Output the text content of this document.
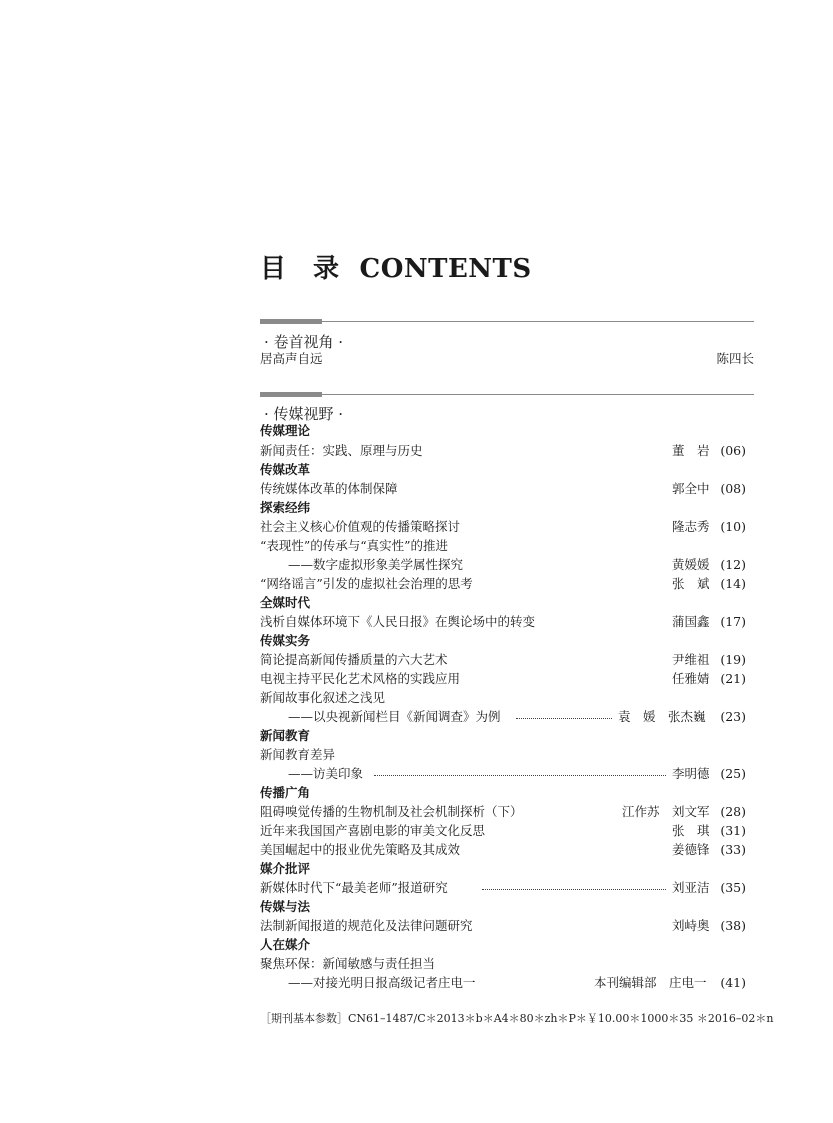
目　录 CONTENTS
· 卷首视角 ·
居高声自远	陈四长
· 传媒视野 ·
传媒理论
新闻责任：实践、原理与历史	董　岩 (06)
传媒改革
传统媒体改革的体制保障	郭全中 (08)
探索经纬
社会主义核心价值观的传播策略探讨	隆志秀 (10)
“表现性”的传承与“真实性”的推进
——数字虚拟形象美学属性探究	黄媛媛 (12)
“网络谣言”引发的虚拟社会治理的思考	张　斌 (14)
全媒时代
浅析自媒体环境下《人民日报》在舆论场中的转变	蒲国鑫 (17)
传媒实务
简论提高新闻传播质量的六大艺术	尹维祖 (19)
电视主持平民化艺术风格的实践应用	任雅婧 (21)
新闻故事化叙述之浅见
——以央视新闻栏目《新闻调查》为例	袁　媛　张杰巍 (23)
新闻教育
新闻教育差异
——访美印象	李明德 (25)
传播广角
阻碍嗅觉传播的生物机制及社会机制探析（下）	江作苏　刘文军 (28)
近年来我国国产喜剧电影的审美文化反思	张　琪 (31)
美国崛起中的报业优先策略及其成效	姜德锋 (33)
媒介批评
新媒体时代下“最美老师”报道研究	刘亚洁 (35)
传媒与法
法制新闻报道的规范化及法律问题研究	刘峙奥 (38)
人在媒介
聚焦环保：新闻敏感与责任担当
——对接光明日报高级记者庄电一	本刊编辑部　庄电一 (41)
［期刊基本参数］CN61–1487/C＊2013＊b＊A4＊80＊zh＊P＊￥10.00＊1000＊35 ＊2016–02＊n
